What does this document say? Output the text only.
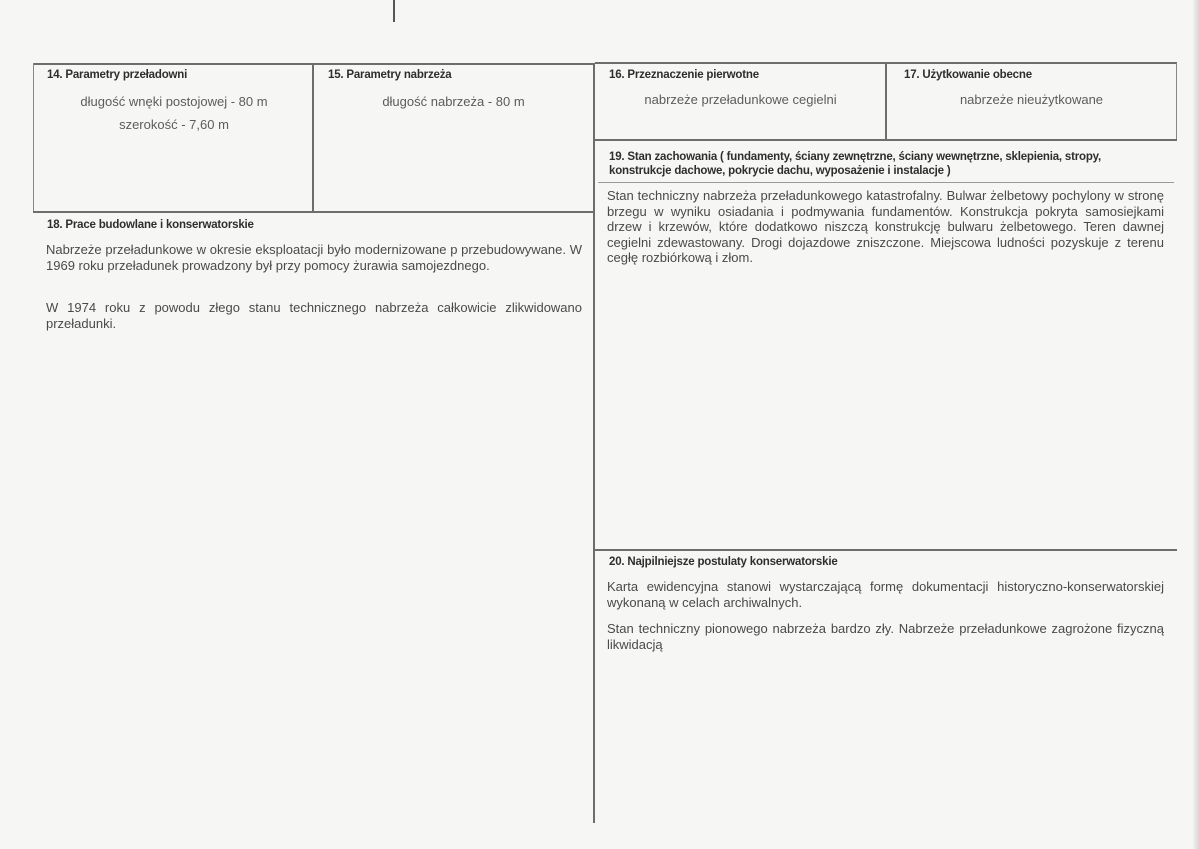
14. Parametry przeładowni
długość wnęki postojowej - 80 m
szerokość - 7,60 m
15. Parametry nabrzeża
długość nabrzeża - 80 m
16. Przeznaczenie pierwotne
nabrzeże przeładunkowe cegielni
17. Użytkowanie obecne
nabrzeże nieużytkowane
19. Stan zachowania ( fundamenty, ściany zewnętrzne, ściany wewnętrzne, sklepienia, stropy, konstrukcje dachowe, pokrycie dachu, wyposażenie i instalacje )

Stan techniczny nabrzeża przeładunkowego katastrofalny. Bulwar żelbetowy pochylony w stronę brzegu w wyniku osiadania i podmywania fundamentów. Konstrukcja pokryta samosiejkami drzew i krzewów, które dodatkowo niszczą konstrukcję bulwaru żelbetowego. Teren dawnej cegielni zdewastowany. Drogi dojazdowe zniszczone. Miejscowa ludności pozyskuje z terenu cegłę rozbiórkową i złom.

18. Prace budowlane i konserwatorskie

Nabrzeże przeładunkowe w okresie eksploatacji było modernizowane p przebudowywane. W 1969 roku przeładunek prowadzony był przy pomocy żurawia samojezdnego.

W 1974 roku z powodu złego stanu technicznego nabrzeża całkowicie zlikwidowano przeładunki.

20. Najpilniejsze postulaty konserwatorskie

Karta ewidencyjna stanowi wystarczającą formę dokumentacji historyczno-konserwatorskiej wykonaną w celach archiwalnych.

Stan techniczny pionowego nabrzeża bardzo zły. Nabrzeże przeładunkowe zagrożone fizyczną likwidacją
